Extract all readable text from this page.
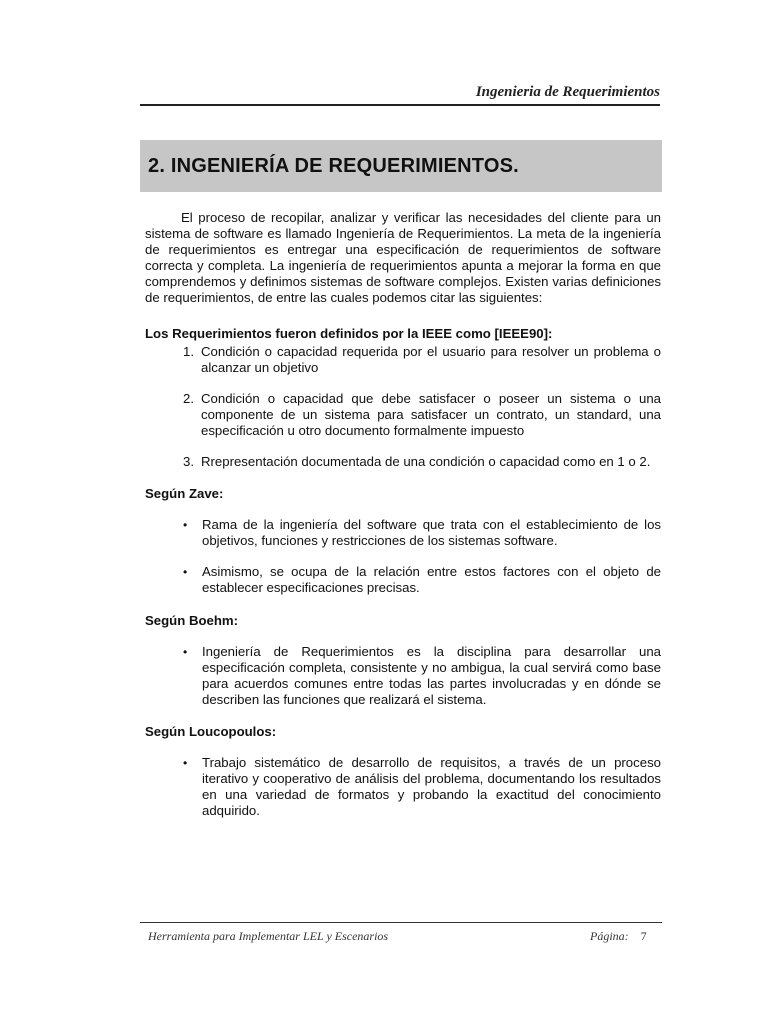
Ingenieria de Requerimientos
2. INGENIERÍA DE REQUERIMIENTOS.

El proceso de recopilar, analizar y verificar las necesidades del cliente para un sistema de software es llamado Ingeniería de Requerimientos. La meta de la ingeniería de requerimientos es entregar una especificación de requerimientos de software correcta y completa. La ingeniería de requerimientos apunta a mejorar la forma en que comprendemos y definimos sistemas de software complejos. Existen varias definiciones de requerimientos, de entre las cuales podemos citar las siguientes:

Los Requerimientos fueron definidos por la IEEE como [IEEE90]:

1. Condición o capacidad requerida por el usuario para resolver un problema o alcanzar un objetivo
2. Condición o capacidad que debe satisfacer o poseer un sistema o una componente de un sistema para satisfacer un contrato, un standard, una especificación u otro documento formalmente impuesto
3. Rrepresentación documentada de una condición o capacidad como en 1 o 2.

Según Zave:

•	Rama de la ingeniería del software que trata con el establecimiento de los objetivos, funciones y restricciones de los sistemas software.
•	Asimismo, se ocupa de la relación entre estos factores con el objeto de establecer especificaciones precisas.

Según Boehm:

•	Ingeniería de Requerimientos es la disciplina para desarrollar una especificación completa, consistente y no ambigua, la cual servirá como base para acuerdos comunes entre todas las partes involucradas y en dónde se describen las funciones que realizará el sistema.

Según Loucopoulos:

•	Trabajo sistemático de desarrollo de requisitos, a través de un proceso iterativo y cooperativo de análisis del problema, documentando los resultados en una variedad de formatos y probando la exactitud del conocimiento adquirido.
Herramienta para Implementar LEL y Escenarios	Página: 7
